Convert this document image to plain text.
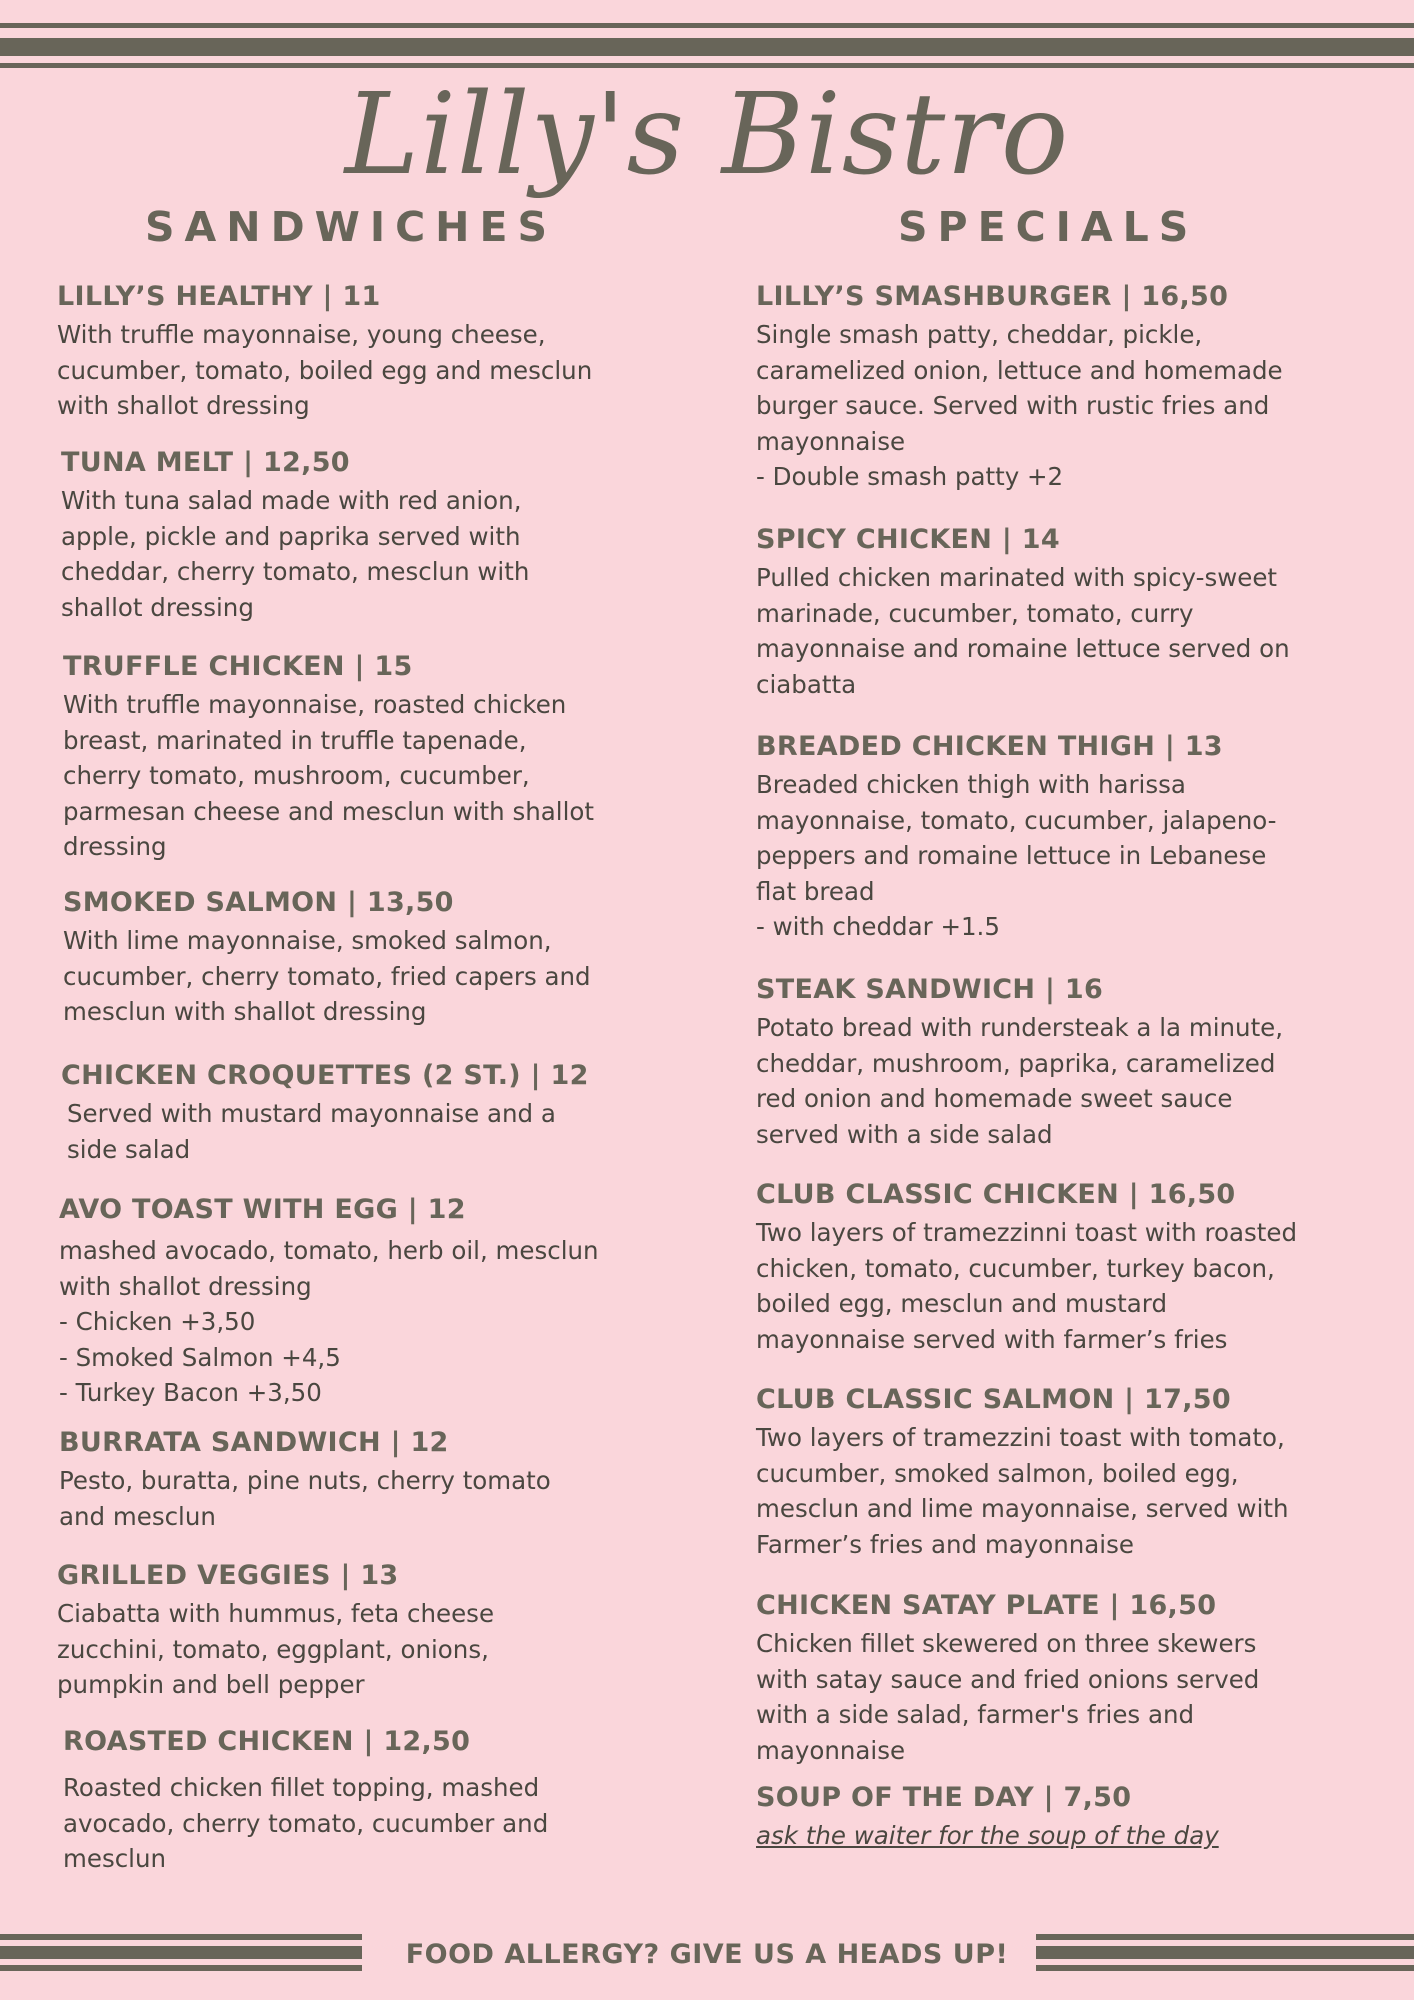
Lilly's Bistro
SANDWICHES	SPECIALS
LILLY’S HEALTHY | 11
With truffle mayonnaise, young cheese,
cucumber, tomato, boiled egg and mesclun
with shallot dressing
TUNA MELT | 12,50
With tuna salad made with red anion,
apple, pickle and paprika served with
cheddar, cherry tomato, mesclun with
shallot dressing
TRUFFLE CHICKEN | 15
With truffle mayonnaise, roasted chicken
breast, marinated in truffle tapenade,
cherry tomato, mushroom, cucumber,
parmesan cheese and mesclun with shallot
dressing
SMOKED SALMON | 13,50
With lime mayonnaise, smoked salmon,
cucumber, cherry tomato, fried capers and
mesclun with shallot dressing
CHICKEN CROQUETTES (2 ST.) | 12
Served with mustard mayonnaise and a
side salad
AVO TOAST WITH EGG | 12
mashed avocado, tomato, herb oil, mesclun
with shallot dressing
- Chicken +3,50
- Smoked Salmon +4,5
- Turkey Bacon +3,50
BURRATA SANDWICH | 12
Pesto, buratta, pine nuts, cherry tomato
and mesclun
GRILLED VEGGIES | 13
Ciabatta with hummus, feta cheese
zucchini, tomato, eggplant, onions,
pumpkin and bell pepper
ROASTED CHICKEN | 12,50
Roasted chicken fillet topping, mashed
avocado, cherry tomato, cucumber and
mesclun
LILLY’S SMASHBURGER | 16,50
Single smash patty, cheddar, pickle,
caramelized onion, lettuce and homemade
burger sauce. Served with rustic fries and
mayonnaise
- Double smash patty +2
SPICY CHICKEN | 14
Pulled chicken marinated with spicy-sweet
marinade, cucumber, tomato, curry
mayonnaise and romaine lettuce served on
ciabatta
BREADED CHICKEN THIGH | 13
Breaded chicken thigh with harissa
mayonnaise, tomato, cucumber, jalapeno-
peppers and romaine lettuce in Lebanese
flat bread
- with cheddar +1.5
STEAK SANDWICH | 16
Potato bread with rundersteak a la minute,
cheddar, mushroom, paprika, caramelized
red onion and homemade sweet sauce
served with a side salad
CLUB CLASSIC CHICKEN | 16,50
Two layers of tramezzinni toast with roasted
chicken, tomato, cucumber, turkey bacon,
boiled egg, mesclun and mustard
mayonnaise served with farmer’s fries
CLUB CLASSIC SALMON | 17,50
Two layers of tramezzini toast with tomato,
cucumber, smoked salmon, boiled egg,
mesclun and lime mayonnaise, served with
Farmer’s fries and mayonnaise
CHICKEN SATAY PLATE | 16,50
Chicken fillet skewered on three skewers
with satay sauce and fried onions served
with a side salad, farmer's fries and
mayonnaise
SOUP OF THE DAY | 7,50
ask the waiter for the soup of the day
FOOD ALLERGY? GIVE US A HEADS UP!
